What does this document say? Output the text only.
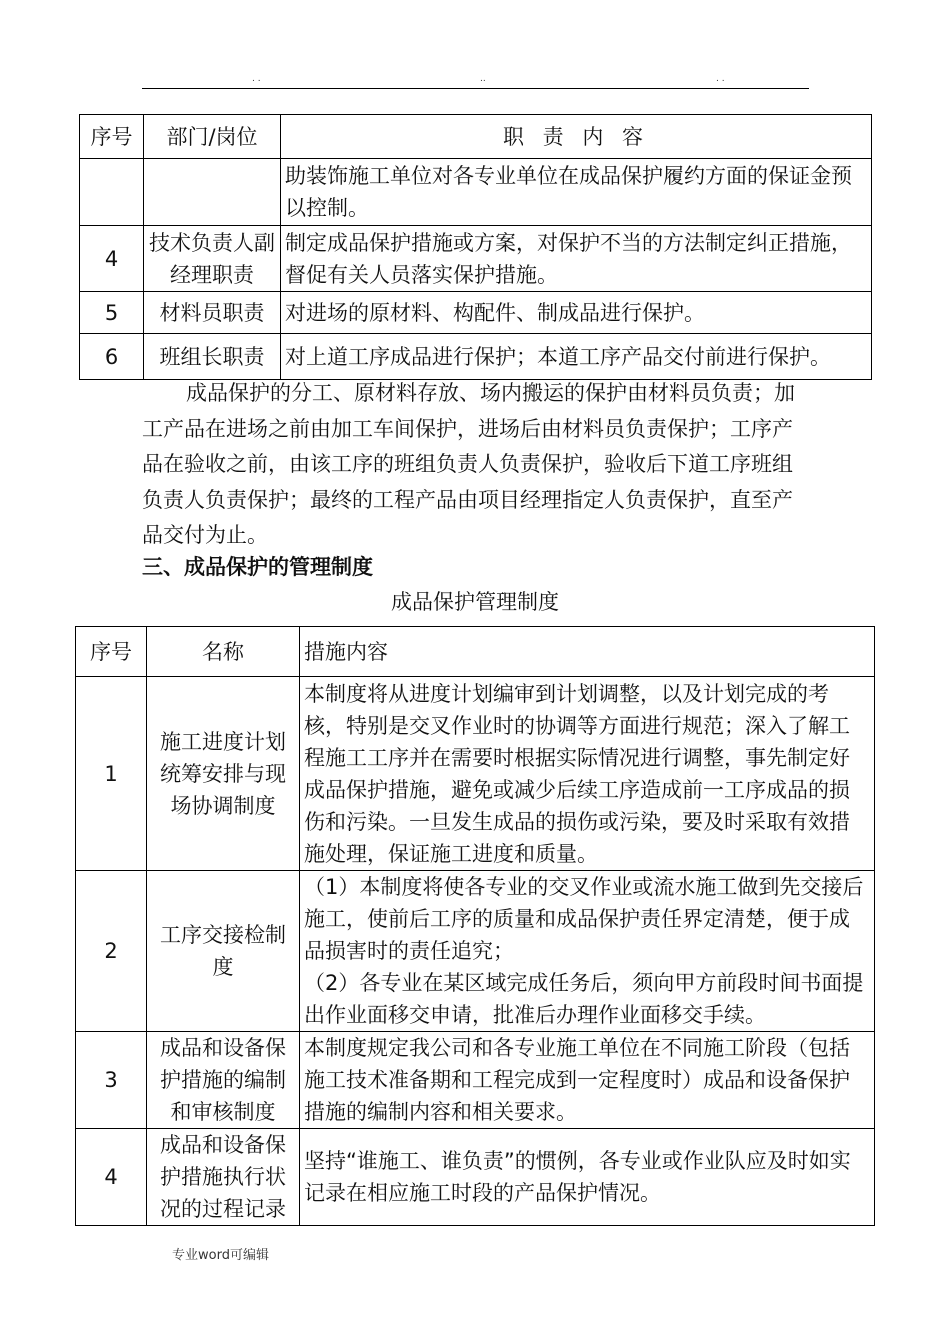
. .	..	. .
序号	部门/岗位	职 责 内 容
		助装饰施工单位对各专业单位在成品保护履约方面的保证金预以控制。
4	技术负责人副经理职责	制定成品保护措施或方案，对保护不当的方法制定纠正措施，督促有关人员落实保护措施。
5	材料员职责	对进场的原材料、构配件、制成品进行保护。
6	班组长职责	对上道工序成品进行保护；本道工序产品交付前进行保护。

成品保护的分工、原材料存放、场内搬运的保护由材料员负责；加工产品在进场之前由加工车间保护，进场后由材料员负责保护；工序产品在验收之前，由该工序的班组负责人负责保护，验收后下道工序班组负责人负责保护；最终的工程产品由项目经理指定人负责保护，直至产品交付为止。

三、成品保护的管理制度
成品保护管理制度
序号	名称	措施内容
1	施工进度计划统筹安排与现场协调制度	本制度将从进度计划编审到计划调整，以及计划完成的考核，特别是交叉作业时的协调等方面进行规范；深入了解工程施工工序并在需要时根据实际情况进行调整，事先制定好成品保护措施，避免或减少后续工序造成前一工序成品的损伤和污染。一旦发生成品的损伤或污染，要及时采取有效措施处理，保证施工进度和质量。

2	工序交接检制度	（1）本制度将使各专业的交叉作业或流水施工做到先交接后施工，使前后工序的质量和成品保护责任界定清楚，便于成品损害时的责任追究；
（2）各专业在某区域完成任务后，须向甲方前段时间书面提出作业面移交申请，批准后办理作业面移交手续。

3	成品和设备保护措施的编制和审核制度	本制度规定我公司和各专业施工单位在不同施工阶段（包括施工技术准备期和工程完成到一定程度时）成品和设备保护措施的编制内容和相关要求。

4	成品和设备保护措施执行状况的过程记录	坚持“谁施工、谁负责”的惯例，各专业或作业队应及时如实记录在相应施工时段的产品保护情况。
专业word可编辑
